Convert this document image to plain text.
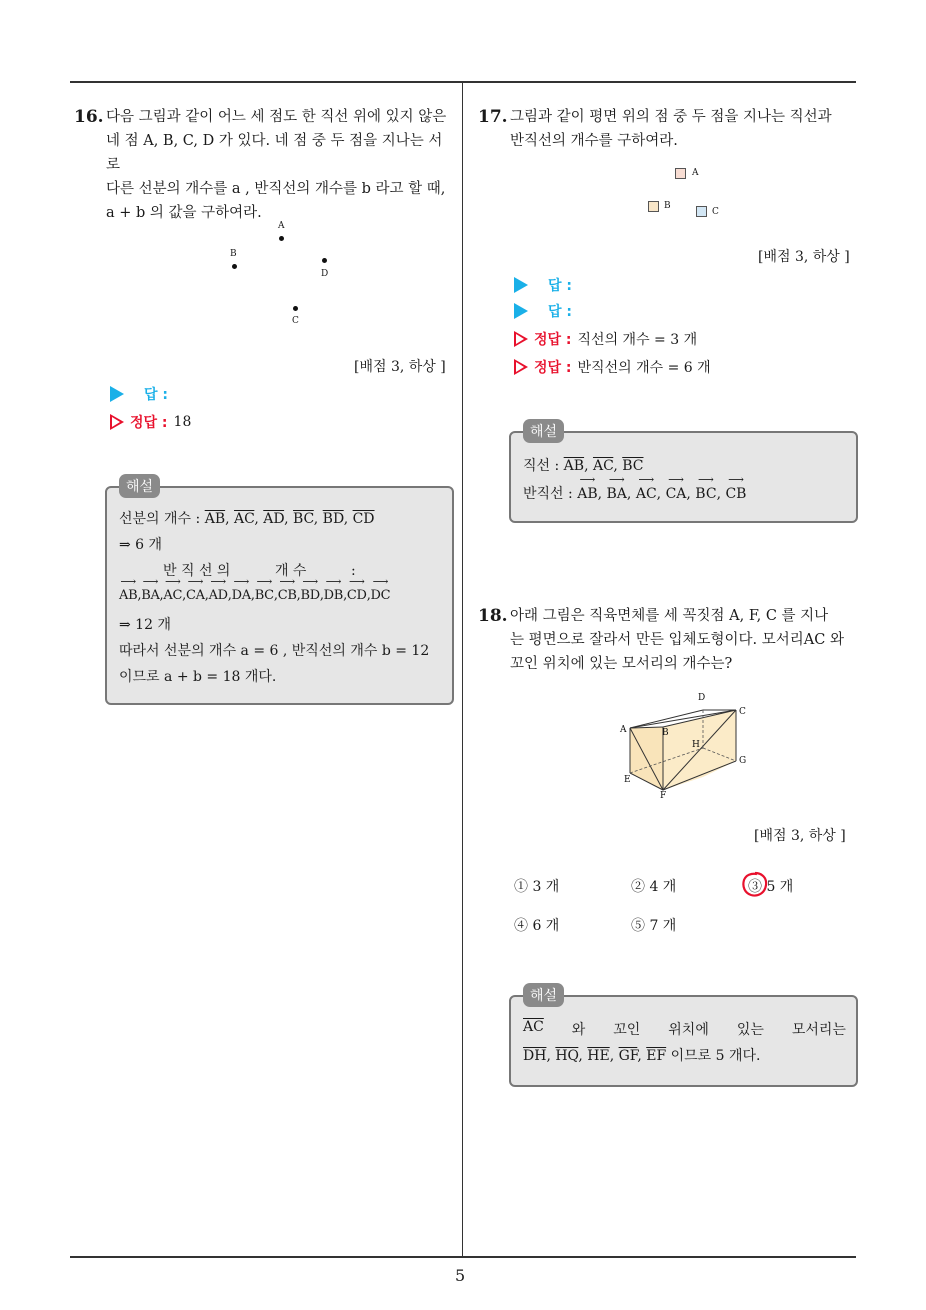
5
16. 다음 그림과 같이 어느 세 점도 한 직선 위에 있지 않은
네 점 A, B, C, D 가 있다. 네 점 중 두 점을 지나는 서로
다른 선분의 개수를 a , 반직선의 개수를 b 라고 할 때,
a + b 의 값을 구하여라.
A
B
D
C
[배점 3, 하상 ]
답 :
정답 : 18
선분의 개수 : $\overline{AB}$, $\overline{AC}$, $\overline{AD}$, $\overline{BC}$, $\overline{BD}$, $\overline{CD}$
⇒ 6 개
반 직 선 의          개 수          :
⟶ AB,⟶ BA,⟶ AC,⟶ CA,⟶ AD,⟶ DA,⟶ BC,⟶ CB,⟶ BD,⟶ DB,⟶ CD,⟶ DC
⇒ 12 개
따라서 선분의 개수 a = 6 , 반직선의 개수 b = 12
이므로 a + b = 18 개다.
해설
17. 그림과 같이 평면 위의 점 중 두 점을 지나는 직선과
반직선의 개수를 구하여라.
A
B
C
[배점 3, 하상 ]
답 :
답 :
정답 : 직선의 개수 = 3 개
정답 : 반직선의 개수 = 6 개
직선 : $\overline{AB}$, $\overline{AC}$, $\overline{BC}$
반직선 : ⟶ AB, ⟶ BA, ⟶ AC, ⟶ CA, ⟶ BC, ⟶ CB
해설
18. 아래 그림은 직육면체를 세 꼭짓점 A, F, C 를 지나
는 평면으로 잘라서 만든 입체도형이다. 모서리AC 와
꼬인 위치에 있는 모서리의 개수는?
D
C
A	B
H
G
E
F
[배점 3, 하상 ]
① 3 개	② 4 개	③ 5 개
④ 6 개	⑤ 7 개
$\overline{AC}$ 와 꼬인 위치에 있는 모서리는
$\overline{DH}$, $\overline{HQ}$, $\overline{HE}$, $\overline{GF}$, $\overline{EF}$ 이므로 5 개다.
해설
